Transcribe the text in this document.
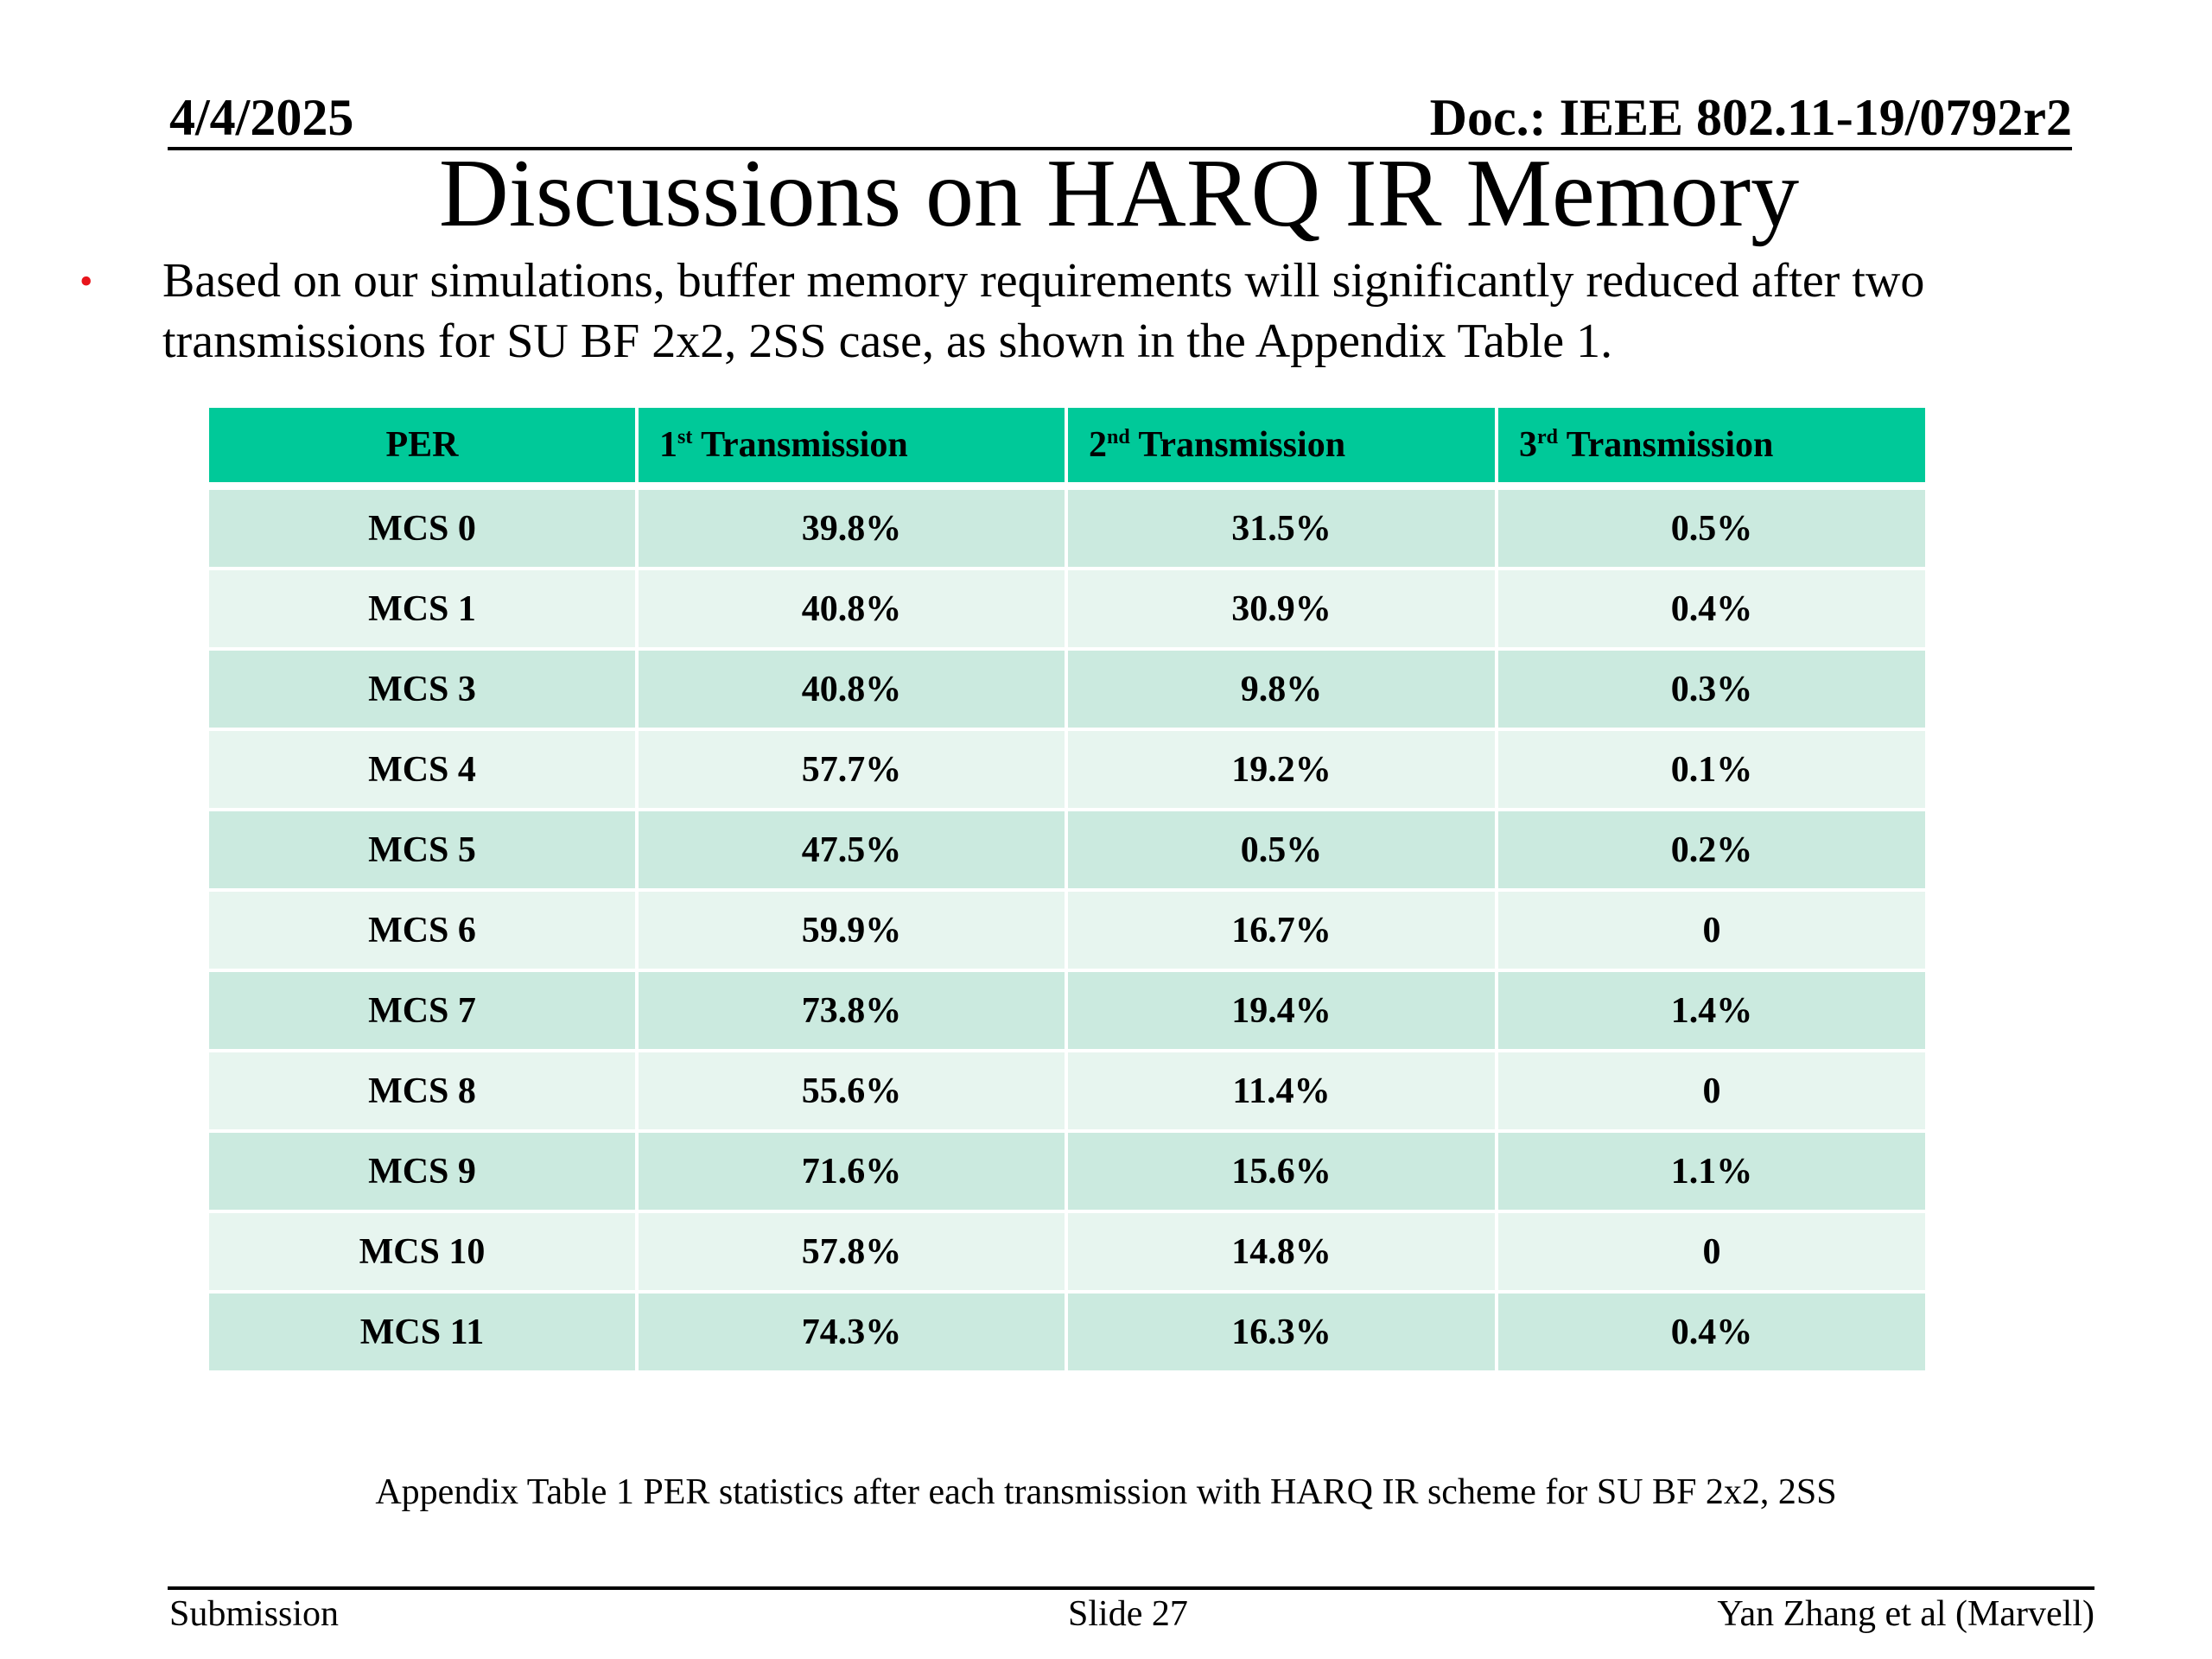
4/4/2025	Doc.: IEEE 802.11-19/0792r2
Discussions on HARQ IR Memory
• Based on our simulations, buffer memory requirements will significantly reduced after two transmissions for SU BF 2x2, 2SS case, as shown in the Appendix Table 1.
PER	1st Transmission	2nd Transmission	3rd Transmission
MCS 0	39.8%	31.5%	0.5%
MCS 1	40.8%	30.9%	0.4%
MCS 3	40.8%	9.8%	0.3%
MCS 4	57.7%	19.2%	0.1%
MCS 5	47.5%	0.5%	0.2%
MCS 6	59.9%	16.7%	0
MCS 7	73.8%	19.4%	1.4%
MCS 8	55.6%	11.4%	0
MCS 9	71.6%	15.6%	1.1%
MCS 10	57.8%	14.8%	0
MCS 11	74.3%	16.3%	0.4%
Appendix Table 1 PER statistics after each transmission with HARQ IR scheme for SU BF 2x2, 2SS
Submission	Slide 27	Yan Zhang et al (Marvell)
